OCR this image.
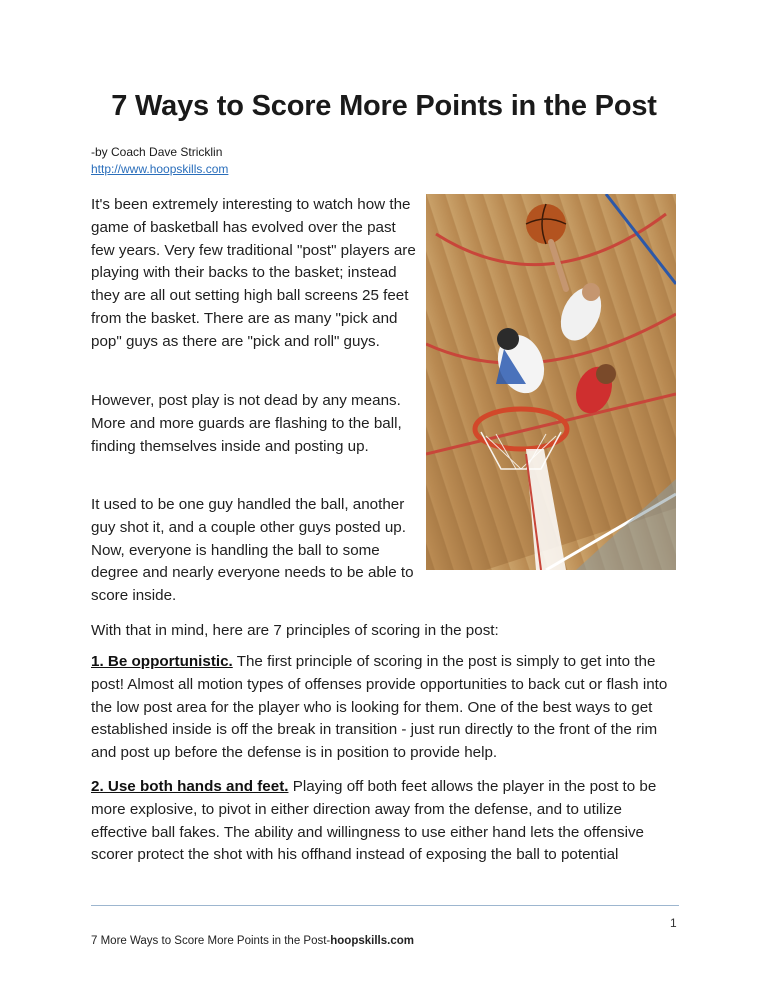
7 Ways to Score More Points in the Post
-by Coach Dave Stricklin
http://www.hoopskills.com

It's been extremely interesting to watch how the game of basketball has evolved over the past few years. Very few traditional "post" players are playing with their backs to the basket; instead they are all out setting high ball screens 25 feet from the basket. There are as many "pick and pop" guys as there are "pick and roll" guys.

However, post play is not dead by any means. More and more guards are flashing to the ball, finding themselves inside and posting up.

It used to be one guy handled the ball, another guy shot it, and a couple other guys posted up. Now, everyone is handling the ball to some degree and nearly everyone needs to be able to score inside.

With that in mind, here are 7 principles of scoring in the post:

1. Be opportunistic. The first principle of scoring in the post is simply to get into the post! Almost all motion types of offenses provide opportunities to back cut or flash into the low post area for the player who is looking for them. One of the best ways to get established inside is off the break in transition - just run directly to the front of the rim and post up before the defense is in position to provide help.

2. Use both hands and feet. Playing off both feet allows the player in the post to be more explosive, to pivot in either direction away from the defense, and to utilize effective ball fakes. The ability and willingness to use either hand lets the offensive scorer protect the shot with his offhand instead of exposing the ball to potential

1
7 More Ways to Score More Points in the Post-hoopskills.com
